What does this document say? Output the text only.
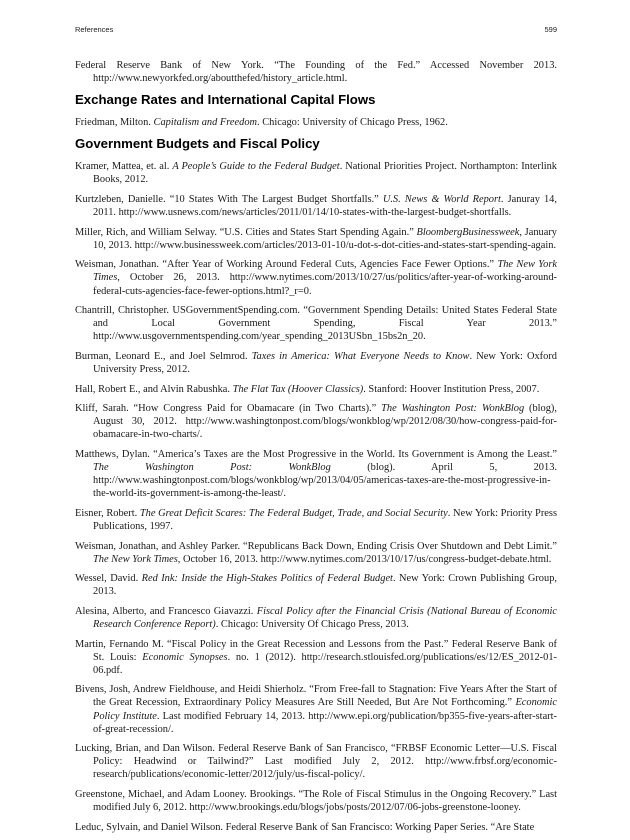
References	599

Federal Reserve Bank of New York. “The Founding of the Fed.” Accessed November 2013. http://www.newyorkfed.org/aboutthefed/history_article.html.

Exchange Rates and International Capital Flows

Friedman, Milton. Capitalism and Freedom. Chicago: University of Chicago Press, 1962.

Government Budgets and Fiscal Policy

Kramer, Mattea, et. al. A People’s Guide to the Federal Budget. National Priorities Project. Northampton: Interlink Books, 2012.

Kurtzleben, Danielle. “10 States With The Largest Budget Shortfalls.” U.S. News & World Report. Januray 14, 2011. http://www.usnews.com/news/articles/2011/01/14/10-states-with-the-largest-budget-shortfalls.

Miller, Rich, and William Selway. “U.S. Cities and States Start Spending Again.” BloombergBusinessweek, January 10, 2013. http://www.businessweek.com/articles/2013-01-10/u-dot-s-dot-cities-and-states-start-spending-again.

Weisman, Jonathan. “After Year of Working Around Federal Cuts, Agencies Face Fewer Options.” The New York Times, October 26, 2013. http://www.nytimes.com/2013/10/27/us/politics/after-year-of-working-around-federal-cuts-agencies-face-fewer-options.html?_r=0.

Chantrill, Christopher. USGovernmentSpending.com. “Government Spending Details: United States Federal State and Local Government Spending, Fiscal Year 2013.” http://www.usgovernmentspending.com/year_spending_2013USbn_15bs2n_20.

Burman, Leonard E., and Joel Selmrod. Taxes in America: What Everyone Needs to Know. New York: Oxford University Press, 2012.

Hall, Robert E., and Alvin Rabushka. The Flat Tax (Hoover Classics). Stanford: Hoover Institution Press, 2007.

Kliff, Sarah. “How Congress Paid for Obamacare (in Two Charts).” The Washington Post: WonkBlog (blog), August 30, 2012. http://www.washingtonpost.com/blogs/wonkblog/wp/2012/08/30/how-congress-paid-for-obamacare-in-two-charts/.

Matthews, Dylan. “America’s Taxes are the Most Progressive in the World. Its Government is Among the Least.” The Washington Post: WonkBlog (blog). April 5, 2013. http://www.washingtonpost.com/blogs/wonkblog/wp/2013/04/05/americas-taxes-are-the-most-progressive-in-the-world-its-government-is-among-the-least/.

Eisner, Robert. The Great Deficit Scares: The Federal Budget, Trade, and Social Security. New York: Priority Press Publications, 1997.

Weisman, Jonathan, and Ashley Parker. “Republicans Back Down, Ending Crisis Over Shutdown and Debt Limit.” The New York Times, October 16, 2013. http://www.nytimes.com/2013/10/17/us/congress-budget-debate.html.

Wessel, David. Red Ink: Inside the High-Stakes Politics of Federal Budget. New York: Crown Publishing Group, 2013.

Alesina, Alberto, and Francesco Giavazzi. Fiscal Policy after the Financial Crisis (National Bureau of Economic Research Conference Report). Chicago: University Of Chicago Press, 2013.

Martin, Fernando M. “Fiscal Policy in the Great Recession and Lessons from the Past.” Federal Reserve Bank of St. Louis: Economic Synopses. no. 1 (2012). http://research.stlouisfed.org/publications/es/12/ES_2012-01-06.pdf.

Bivens, Josh, Andrew Fieldhouse, and Heidi Shierholz. “From Free-fall to Stagnation: Five Years After the Start of the Great Recession, Extraordinary Policy Measures Are Still Needed, But Are Not Forthcoming.” Economic Policy Institute. Last modified February 14, 2013. http://www.epi.org/publication/bp355-five-years-after-start-of-great-recession/.

Lucking, Brian, and Dan Wilson. Federal Reserve Bank of San Francisco, “FRBSF Economic Letter—U.S. Fiscal Policy: Headwind or Tailwind?” Last modified July 2, 2012. http://www.frbsf.org/economic-research/publications/economic-letter/2012/july/us-fiscal-policy/.

Greenstone, Michael, and Adam Looney. Brookings. “The Role of Fiscal Stimulus in the Ongoing Recovery.” Last modified July 6, 2012. http://www.brookings.edu/blogs/jobs/posts/2012/07/06-jobs-greenstone-looney.

Leduc, Sylvain, and Daniel Wilson. Federal Reserve Bank of San Francisco: Working Paper Series. “Are State
